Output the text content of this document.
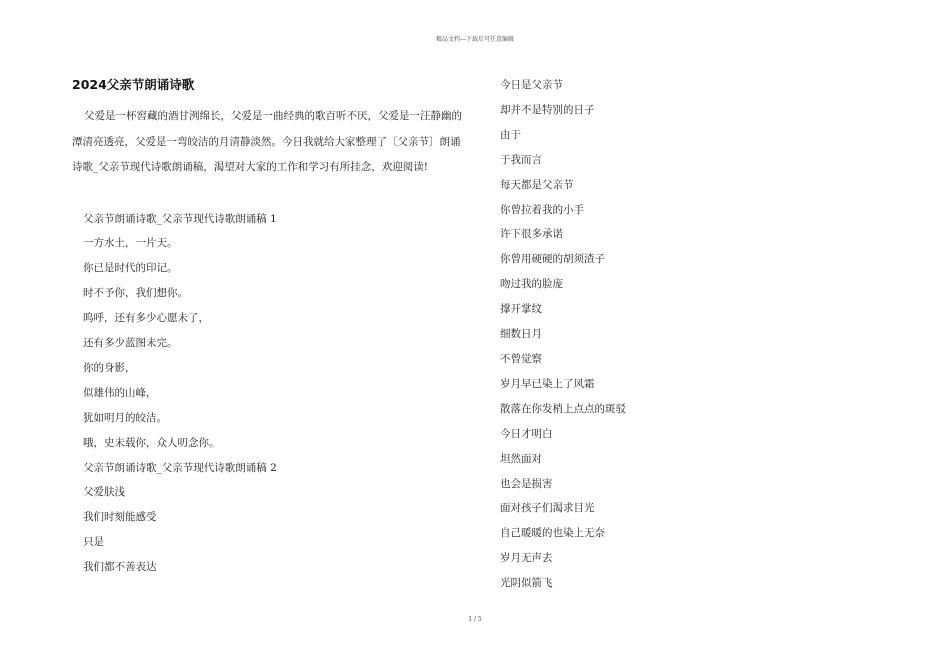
精品文档---下载后可任意编辑
2024父亲节朗诵诗歌

父爱是一杯窖藏的酒甘洌绵长，父爱是一曲经典的歌百听不厌，父爱是一汪静幽的潭清亮透亮，父爱是一弯皎洁的月清静淡然。今日我就给大家整理了〔父亲节〕朗诵诗歌_父亲节现代诗歌朗诵稿，渴望对大家的工作和学习有所挂念，欢迎阅读!

父亲节朗诵诗歌_父亲节现代诗歌朗诵稿 1
一方水土，一片天。
你已是时代的印记。
时不予你，我们想你。
呜呼，还有多少心愿未了，
还有多少蓝图未完。
你的身影，
似雄伟的山峰，
犹如明月的皎洁。
哦，史未载你，众人叨念你。
父亲节朗诵诗歌_父亲节现代诗歌朗诵稿 2
父爱肤浅
我们时刻能感受
只是
我们都不善表达
今日是父亲节
却并不是特别的日子
由于
于我而言
每天都是父亲节
你曾拉着我的小手
许下很多承诺
你曾用硬硬的胡须渣子
吻过我的脸庞
撑开掌纹
细数日月
不曾觉察
岁月早已染上了风霜
散落在你发梢上点点的斑驳
今日才明白
坦然面对
也会是损害
面对孩子们渴求目光
自己暖暖的也染上无奈
岁月无声去
光阴似箭飞
1 / 5
